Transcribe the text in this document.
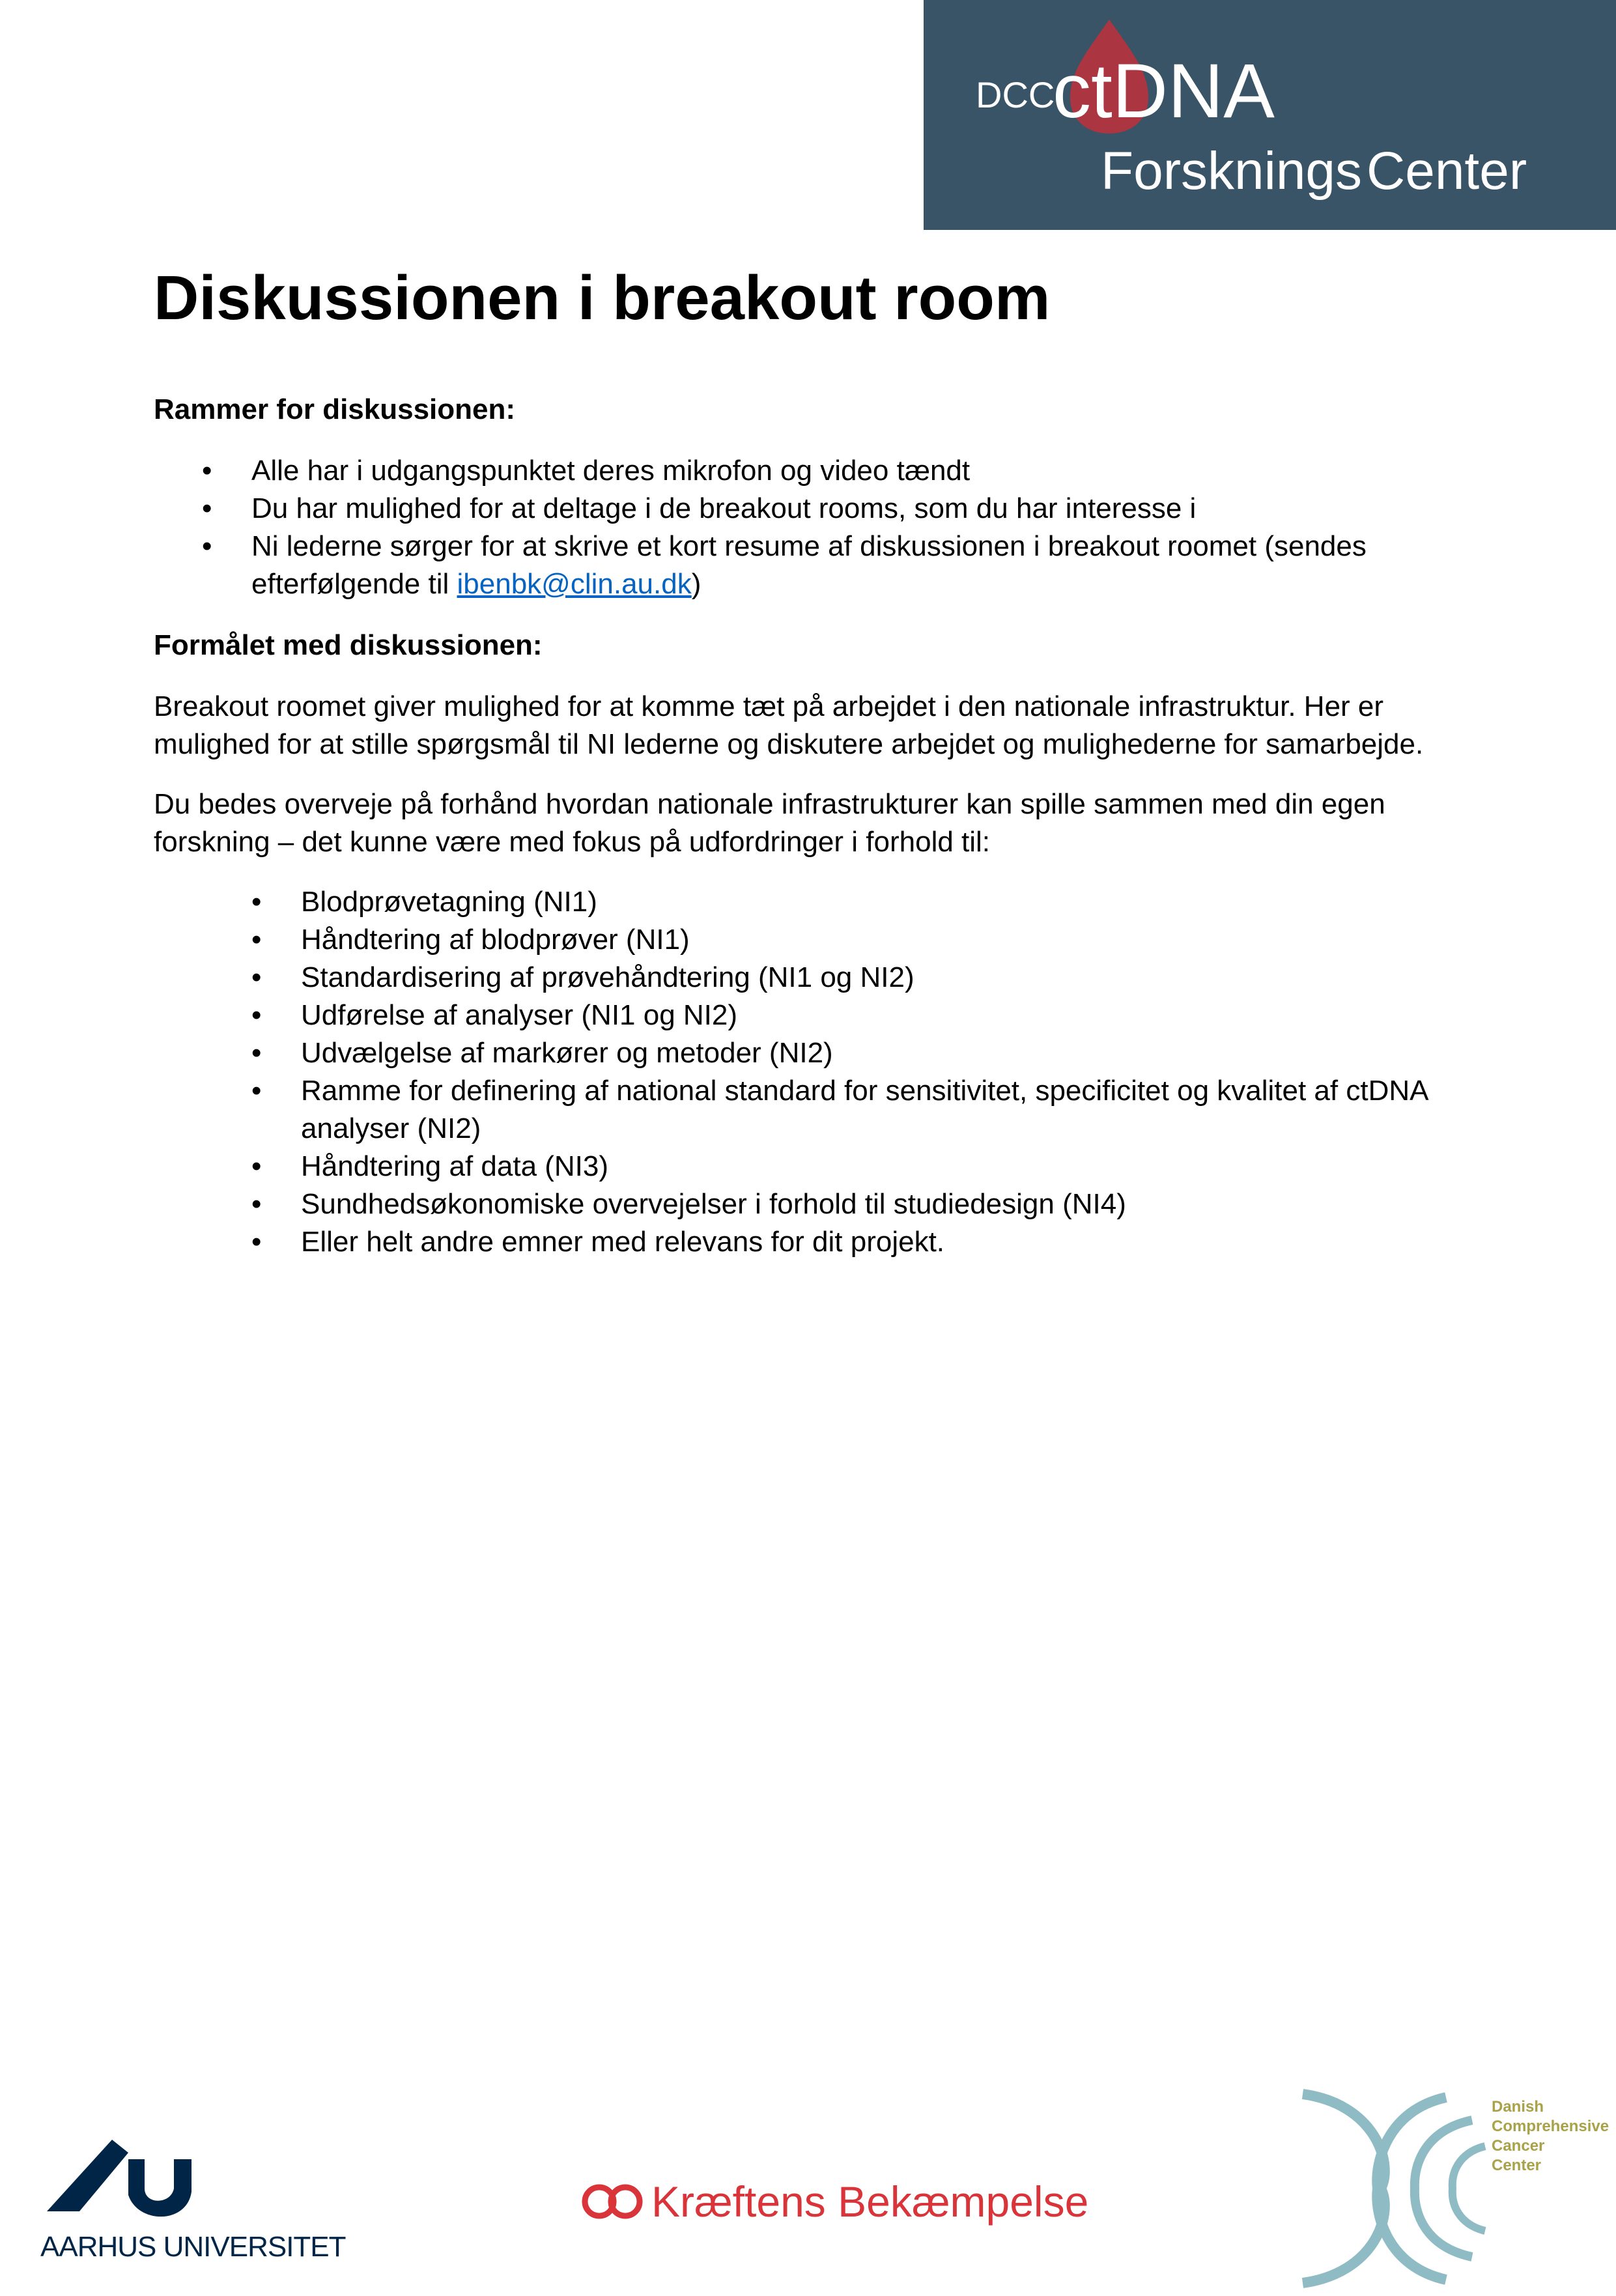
DCC
ctDNA
Forsknings Center
Diskussionen i breakout room
Rammer for diskussionen:
• Alle har i udgangspunktet deres mikrofon og video tændt
• Du har mulighed for at deltage i de breakout rooms, som du har interesse i
• Ni lederne sørger for at skrive et kort resume af diskussionen i breakout roomet (sendes efterfølgende til ibenbk@clin.au.dk)
Formålet med diskussionen:

Breakout roomet giver mulighed for at komme tæt på arbejdet i den nationale infrastruktur. Her er mulighed for at stille spørgsmål til NI lederne og diskutere arbejdet og mulighederne for samarbejde.

Du bedes overveje på forhånd hvordan nationale infrastrukturer kan spille sammen med din egen forskning – det kunne være med fokus på udfordringer i forhold til:

• Blodprøvetagning (NI1)
• Håndtering af blodprøver (NI1)
• Standardisering af prøvehåndtering (NI1 og NI2)
• Udførelse af analyser (NI1 og NI2)
• Udvælgelse af markører og metoder (NI2)
• Ramme for definering af national standard for sensitivitet, specificitet og kvalitet af ctDNA analyser (NI2)
• Håndtering af data (NI3)
• Sundhedsøkonomiske overvejelser i forhold til studiedesign (NI4)
• Eller helt andre emner med relevans for dit projekt.
AARHUS UNIVERSITET
Kræftens Bekæmpelse
Danish
Comprehensive
Cancer
Center
